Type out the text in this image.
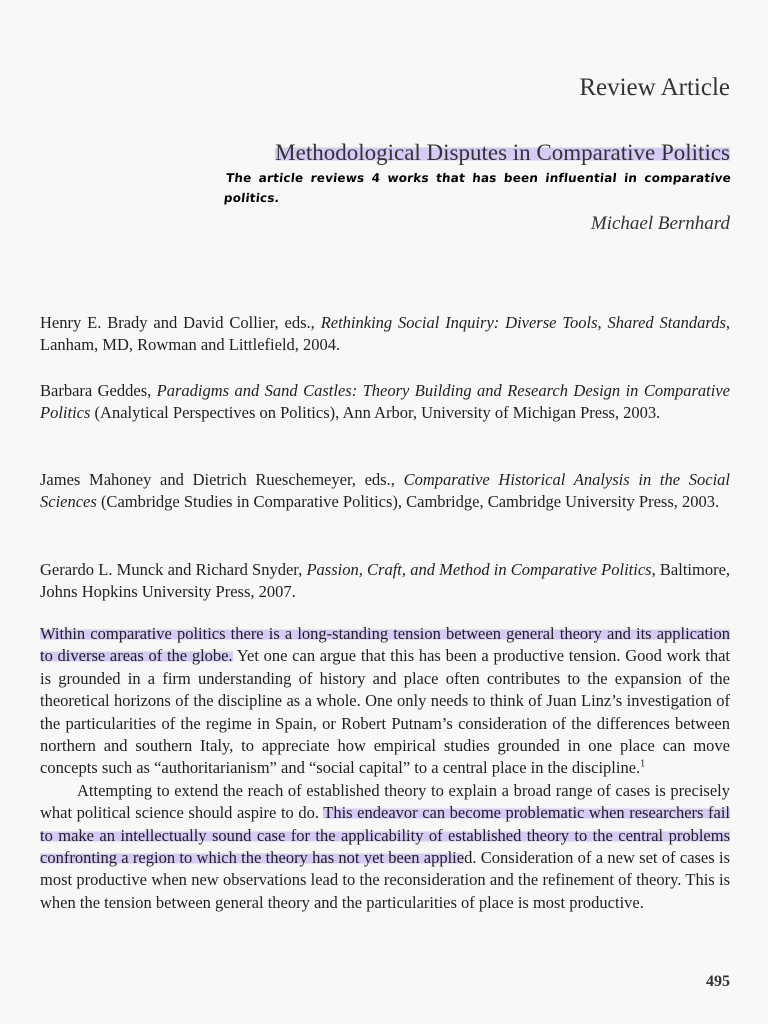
Review Article
Methodological Disputes in Comparative Politics
The article reviews 4 works that has been influential in comparative politics.
Michael Bernhard

Henry E. Brady and David Collier, eds., Rethinking Social Inquiry: Diverse Tools, Shared Standards, Lanham, MD, Rowman and Littlefield, 2004.

Barbara Geddes, Paradigms and Sand Castles: Theory Building and Research Design in Comparative Politics (Analytical Perspectives on Politics), Ann Arbor, University of Michigan Press, 2003.

James Mahoney and Dietrich Rueschemeyer, eds., Comparative Historical Analysis in the Social Sciences (Cambridge Studies in Comparative Politics), Cambridge, Cambridge University Press, 2003.

Gerardo L. Munck and Richard Snyder, Passion, Craft, and Method in Comparative Politics, Baltimore, Johns Hopkins University Press, 2007.

Within comparative politics there is a long-standing tension between general theory and its application to diverse areas of the globe. Yet one can argue that this has been a productive tension. Good work that is grounded in a firm understanding of history and place often contributes to the expansion of the theoretical horizons of the discipline as a whole. One only needs to think of Juan Linz’s investigation of the particularities of the regime in Spain, or Robert Putnam’s consideration of the differences between northern and southern Italy, to appreciate how empirical studies grounded in one place can move concepts such as “authoritarianism” and “social capital” to a central place in the discipline.$^1$

Attempting to extend the reach of established theory to explain a broad range of cases is precisely what political science should aspire to do. This endeavor can become problematic when researchers fail to make an intellectually sound case for the applicability of established theory to the central problems confronting a region to which the theory has not yet been applied. Consideration of a new set of cases is most productive when new observations lead to the reconsideration and the refinement of theory. This is when the tension between general theory and the particularities of place is most productive.

495
